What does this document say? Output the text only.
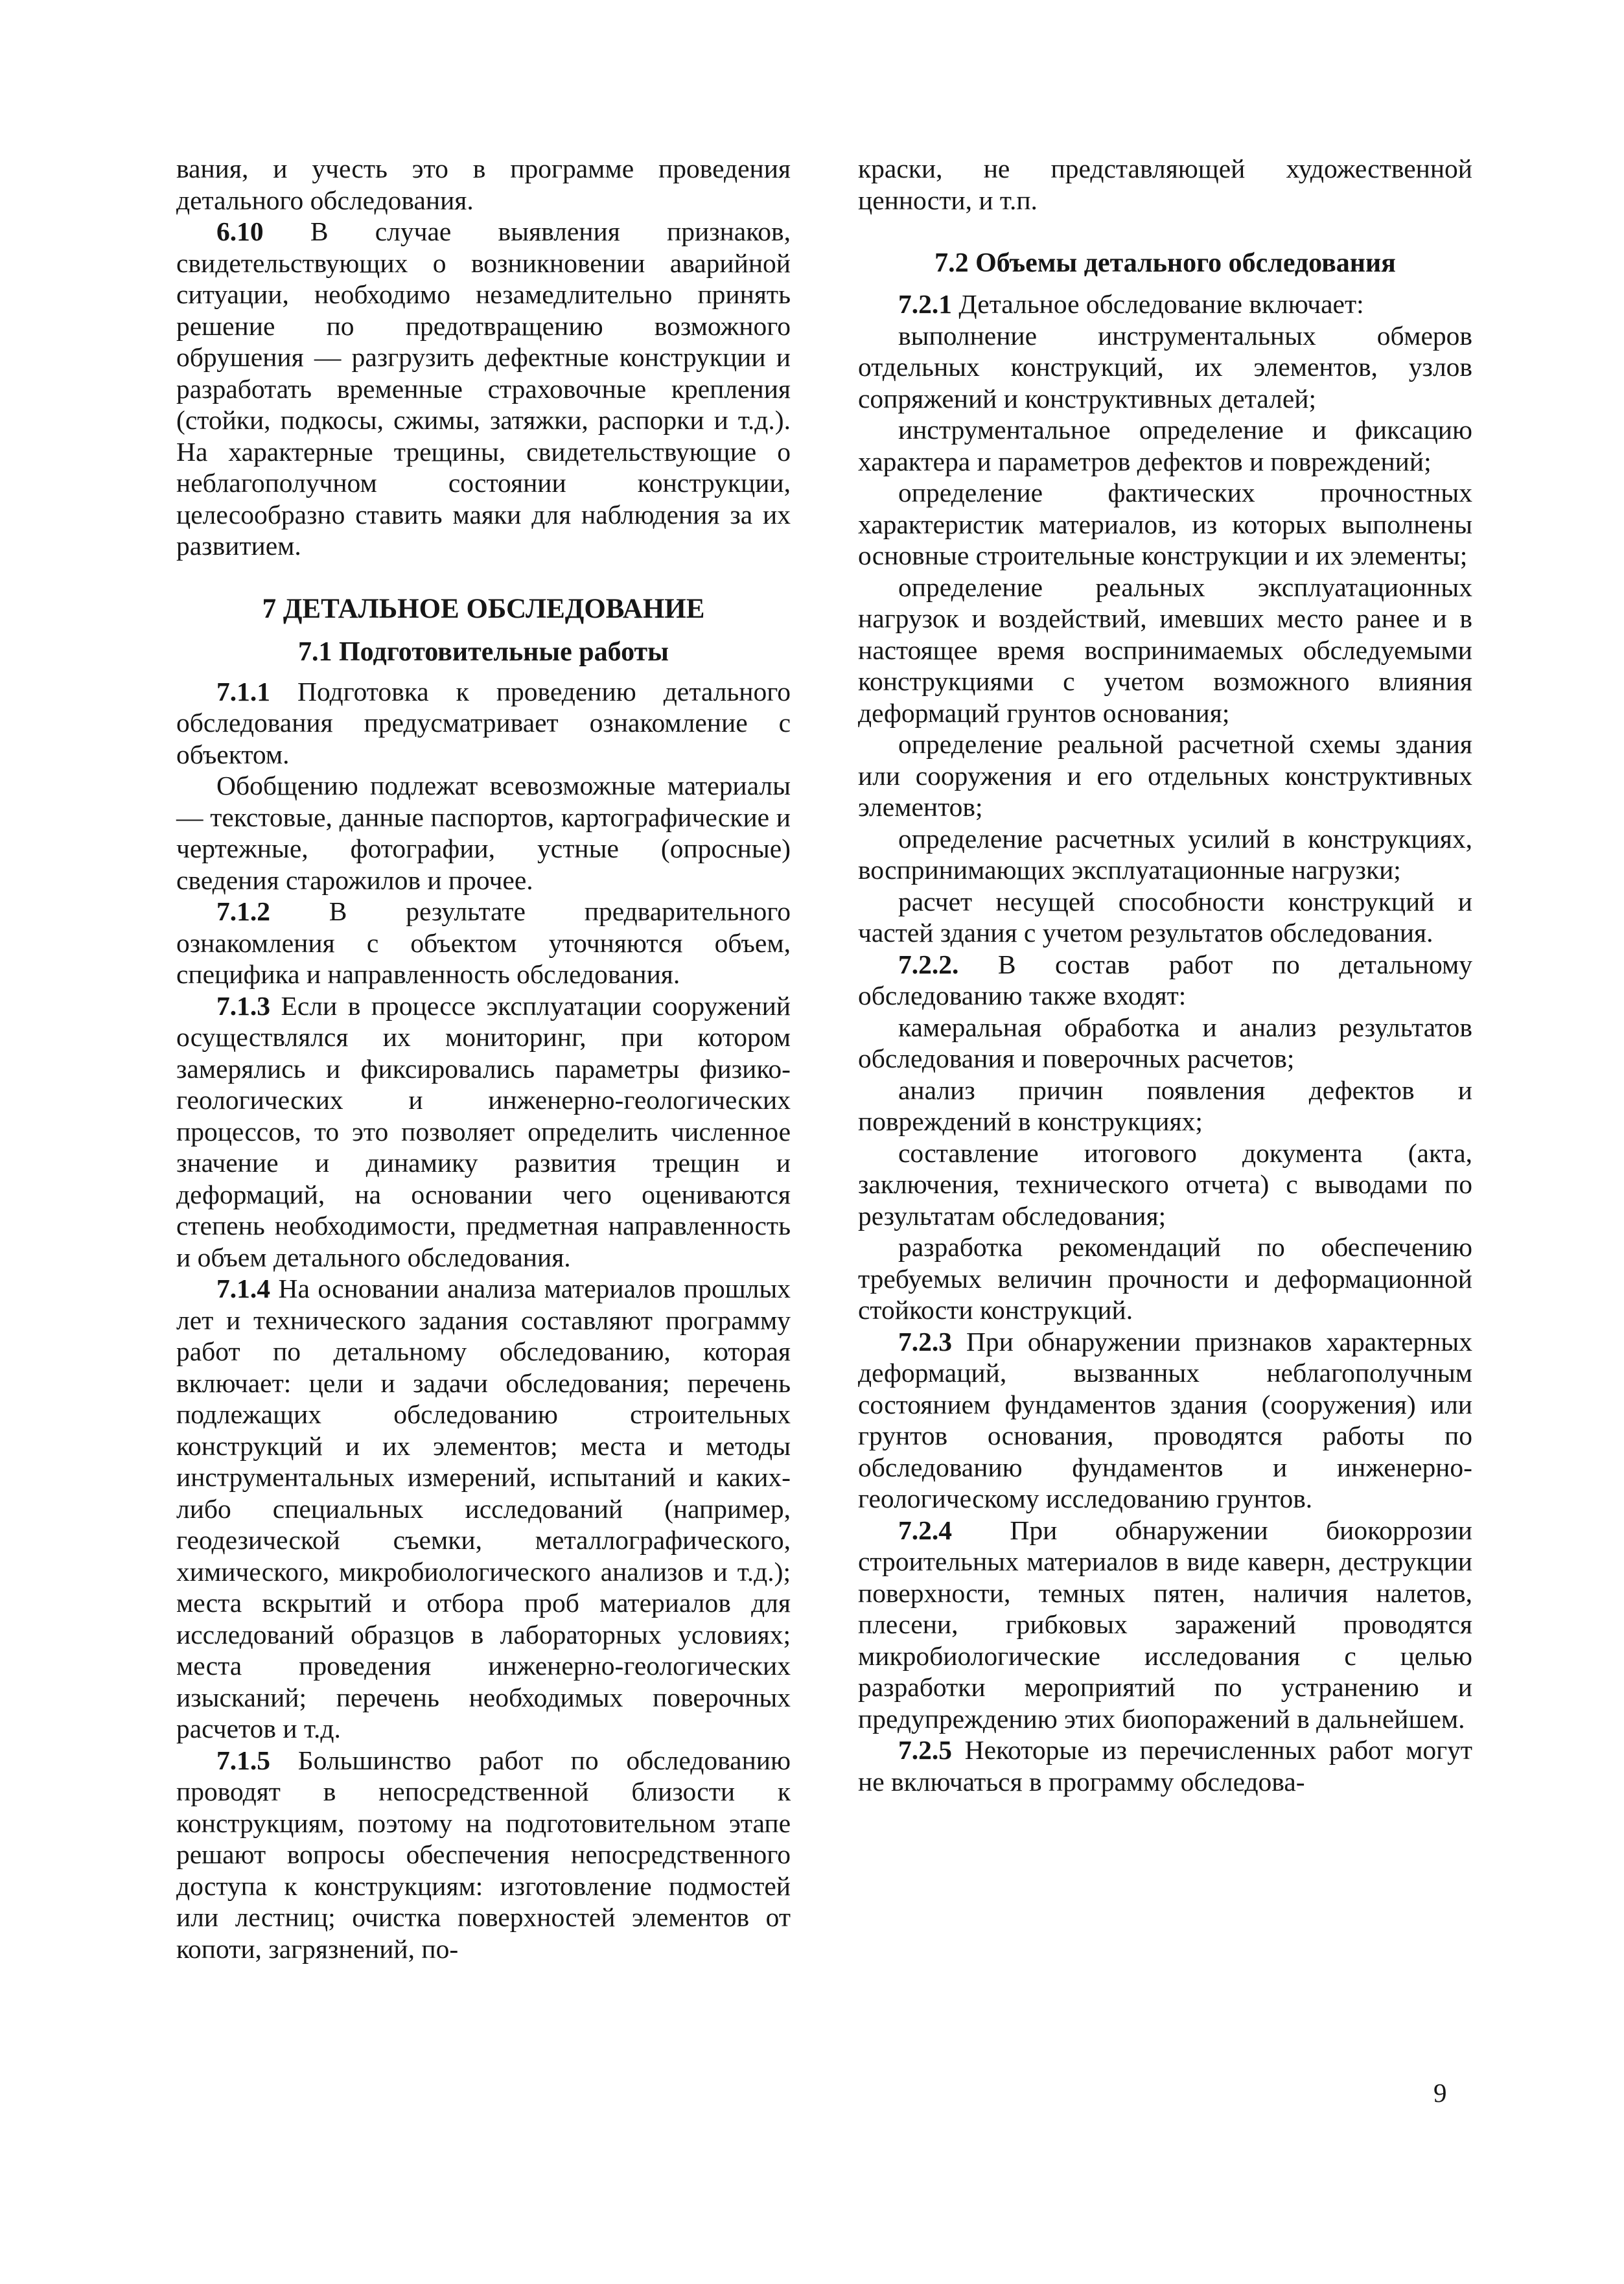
вания, и учесть это в программе проведения детального обследования.

6.10 В случае выявления признаков, свидетельствующих о возникновении аварийной ситуации, необходимо незамедлительно принять решение по предотвращению возможного обрушения — разгрузить дефектные конструкции и разработать временные страховочные крепления (стойки, подкосы, сжимы, затяжки, распорки и т.д.). На характерные трещины, свидетельствующие о неблагополучном состоянии конструкции, целесообразно ставить маяки для наблюдения за их развитием.

7 ДЕТАЛЬНОЕ ОБСЛЕДОВАНИЕ
7.1 Подготовительные работы

7.1.1 Подготовка к проведению детального обследования предусматривает ознакомление с объектом.

Обобщению подлежат всевозможные материалы — текстовые, данные паспортов, картографические и чертежные, фотографии, устные (опросные) сведения старожилов и прочее.

7.1.2 В результате предварительного ознакомления с объектом уточняются объем, специфика и направленность обследования.

7.1.3 Если в процессе эксплуатации сооружений осуществлялся их мониторинг, при котором замерялись и фиксировались параметры физико-геологических и инженерно-геологических процессов, то это позволяет определить численное значение и динамику развития трещин и деформаций, на основании чего оцениваются степень необходимости, предметная направленность и объем детального обследования.

7.1.4 На основании анализа материалов прошлых лет и технического задания составляют программу работ по детальному обследованию, которая включает: цели и задачи обследования; перечень подлежащих обследованию строительных конструкций и их элементов; места и методы инструментальных измерений, испытаний и каких-либо специальных исследований (например, геодезической съемки, металлографического, химического, микробиологического анализов и т.д.); места вскрытий и отбора проб материалов для исследований образцов в лабораторных условиях; места проведения инженерно-геологических изысканий; перечень необходимых поверочных расчетов и т.д.

7.1.5 Большинство работ по обследованию проводят в непосредственной близости к конструкциям, поэтому на подготовительном этапе решают вопросы обеспечения непосредственного доступа к конструкциям: изготовление подмостей или лестниц; очистка поверхностей элементов от копоти, загрязнений, по-

краски, не представляющей художественной ценности, и т.п.

7.2 Объемы детального обследования

7.2.1 Детальное обследование включает:

выполнение инструментальных обмеров отдельных конструкций, их элементов, узлов сопряжений и конструктивных деталей;

инструментальное определение и фиксацию характера и параметров дефектов и повреждений;

определение фактических прочностных характеристик материалов, из которых выполнены основные строительные конструкции и их элементы;

определение реальных эксплуатационных нагрузок и воздействий, имевших место ранее и в настоящее время воспринимаемых обследуемыми конструкциями с учетом возможного влияния деформаций грунтов основания;

определение реальной расчетной схемы здания или сооружения и его отдельных конструктивных элементов;

определение расчетных усилий в конструкциях, воспринимающих эксплуатационные нагрузки;

расчет несущей способности конструкций и частей здания с учетом результатов обследования.

7.2.2. В состав работ по детальному обследованию также входят:

камеральная обработка и анализ результатов обследования и поверочных расчетов;

анализ причин появления дефектов и повреждений в конструкциях;

составление итогового документа (акта, заключения, технического отчета) с выводами по результатам обследования;

разработка рекомендаций по обеспечению требуемых величин прочности и деформационной стойкости конструкций.

7.2.3 При обнаружении признаков характерных деформаций, вызванных неблагополучным состоянием фундаментов здания (сооружения) или грунтов основания, проводятся работы по обследованию фундаментов и инженерно-геологическому исследованию грунтов.

7.2.4 При обнаружении биокоррозии строительных материалов в виде каверн, деструкции поверхности, темных пятен, наличия налетов, плесени, грибковых заражений проводятся микробиологические исследования с целью разработки мероприятий по устранению и предупреждению этих биопоражений в дальнейшем.

7.2.5 Некоторые из перечисленных работ могут не включаться в программу обследова-

9
